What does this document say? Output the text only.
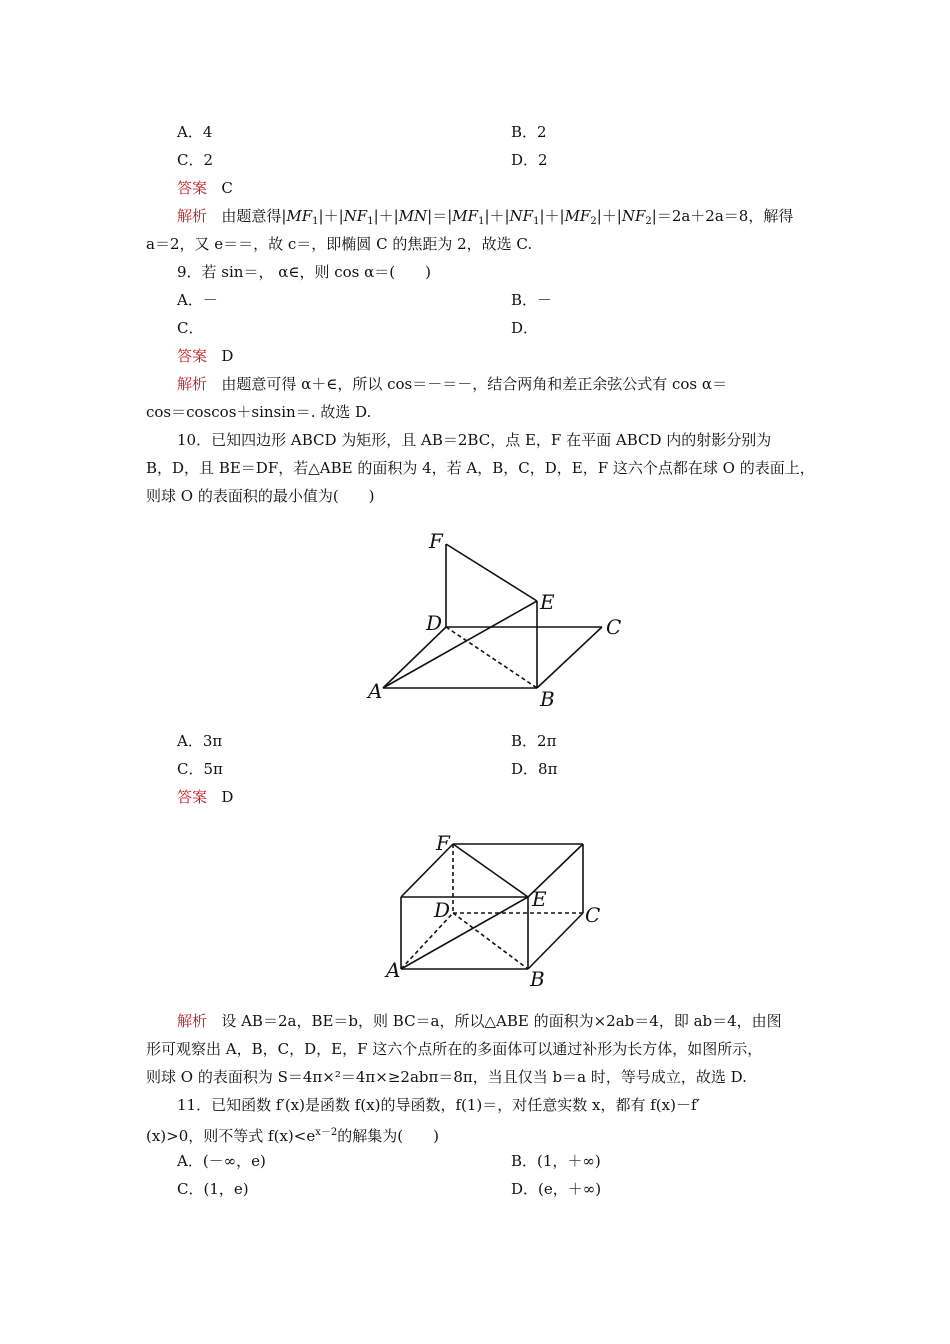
A．4	B．2
C．2	D．2
答案 C
解析 由题意得$|MF_1|+|NF_1|+|MN|=|MF_1|+|NF_1|+|MF_2|+|NF_2|=2a+2a=8$，解得
a＝2，又 e＝＝，故 c＝，即椭圆 C 的焦距为 2，故选 C.
9．若 sin＝， α∈，则 cos α＝(　　)
A．－	B．－
C．	D．
答案 D
解析 由题意可得 α＋∈，所以 cos＝－＝－，结合两角和差正余弦公式有 cos α＝
cos＝coscos＋sinsin＝. 故选 D.
10．已知四边形 ABCD 为矩形，且 AB＝2BC，点 E，F 在平面 ABCD 内的射影分别为
B，D，且 BE＝DF，若△ABE 的面积为 4，若 A，B，C，D，E，F 这六个点都在球 O 的表面上，
则球 O 的表面积的最小值为(　　)
F
E
D	C
A	B
A．3π	B．2π
C．5π	D．8π
答案 D
F
E
D	C
A	B
解析 设 AB＝2a，BE＝b，则 BC＝a，所以△ABE 的面积为×2ab＝4，即 ab＝4，由图
形可观察出 A，B，C，D，E，F 这六个点所在的多面体可以通过补形为长方体，如图所示，
则球 O 的表面积为 S＝4π×²＝4π×≥2abπ＝8π，当且仅当 b＝a 时，等号成立，故选 D.
11．已知函数 f′(x)是函数 f(x)的导函数，f(1)＝，对任意实数 x，都有 f(x)－f′
(x)>0，则不等式 $f(x)<e^{x-2}$的解集为(　　)
A．(－∞，e)	B．(1，＋∞)
C．(1，e)	D．(e，＋∞)
